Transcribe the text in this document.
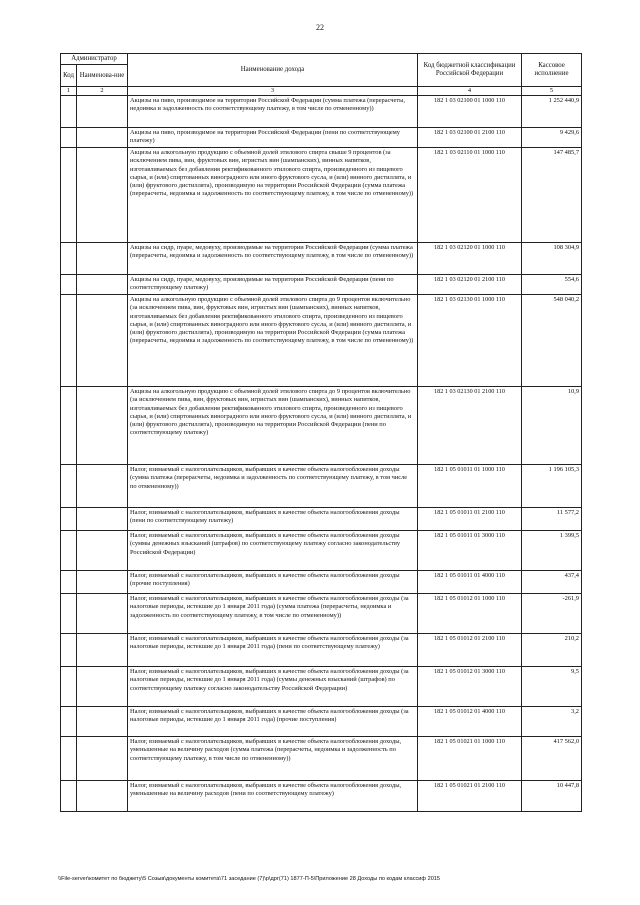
22
Администратор		Наименование дохода	Код бюджетной классификации Российской Федерации	Кассовое исполнение
Код	Наименова-ние			
1	2	3	4	5
		Акцизы на пиво, производимое на территории Российской Федерации (сумма платежа (перерасчеты, недоимка и задолженность по соответствующему платежу, в том числе по отмененному))	182 1 03 02100 01 1000 110	1 252 440,9
		Акцизы на пиво, производимое на территории Российской Федерации (пени по соответствующему платежу)	182 1 03 02100 01 2100 110	9 429,6
		Акцизы на алкогольную продукцию с объемной долей этилового спирта свыше 9 процентов (за исключением пива, вин, фруктовых вин, игристых вин (шампанских), винных напитков, изготавливаемых без добавления ректификованного этилового спирта, произведенного из пищевого сырья, и (или) спиртованных виноградного или иного фруктового сусла, и (или) винного дистиллята, и (или) фруктового дистиллята), производимую на территории Российской Федерации (сумма платежа (перерасчеты, недоимка и задолженность по соответствующему платежу, в том числе по отмененному))	182 1 03 02110 01 1000 110	147 485,7
		Акцизы на сидр, пуаре, медовуху, производимые на территории Российской Федерации (сумма платежа (перерасчеты, недоимка и задолженность по соответствующему платежу, в том числе по отмененному))	182 1 03 02120 01 1000 110	108 304,9
		Акцизы на сидр, пуаре, медовуху, производимые на территории Российской Федерации (пени по соответствующему платежу)	182 1 03 02120 01 2100 110	554,6
		Акцизы на алкогольную продукцию с объемной долей этилового спирта до 9 процентов включительно (за исключением пива, вин, фруктовых вин, игристых вин (шампанских), винных напитков, изготавливаемых без добавления ректификованного этилового спирта, произведенного из пищевого сырья, и (или) спиртованных виноградного или иного фруктового сусла, и (или) винного дистиллята, и (или) фруктового дистиллята), производимую на территории Российской Федерации (сумма платежа (перерасчеты, недоимка и задолженность по соответствующему платежу, в том числе по отмененному))	182 1 03 02130 01 1000 110	548 040,2
		Акцизы на алкогольную продукцию с объемной долей этилового спирта до 9 процентов включительно (за исключением пива, вин, фруктовых вин, игристых вин (шампанских), винных напитков, изготавливаемых без добавления ректификованного этилового спирта, произведенного из пищевого сырья, и (или) спиртованных виноградного или иного фруктового сусла, и (или) винного дистиллята, и (или) фруктового дистиллята), производимую на территории Российской Федерации (пени по соответствующему платежу)	182 1 03 02130 01 2100 110	10,9
		Налог, взимаемый с налогоплательщиков, выбравших в качестве объекта налогообложения доходы (сумма платежа (перерасчеты, недоимка и задолженность по соответствующему платежу, в том числе по отмененному))	182 1 05 01011 01 1000 110	1 196 105,3
		Налог, взимаемый с налогоплательщиков, выбравших в качестве объекта налогообложения доходы (пени по соответствующему платежу)	182 1 05 01011 01 2100 110	11 577,2
		Налог, взимаемый с налогоплательщиков, выбравших в качестве объекта налогообложения доходы (суммы денежных взысканий (штрафов) по соответствующему платежу согласно законодательству Российской Федерации)	182 1 05 01011 01 3000 110	1 399,5
		Налог, взимаемый с налогоплательщиков, выбравших в качестве объекта налогообложения доходы (прочие поступления)	182 1 05 01011 01 4000 110	437,4
		Налог, взимаемый с налогоплательщиков, выбравших в качестве объекта налогообложения доходы (за налоговые периоды, истекшие до 1 января 2011 года) (сумма платежа (перерасчеты, недоимка и задолженность по соответствующему платежу, в том числе по отмененному))	182 1 05 01012 01 1000 110	-261,9
		Налог, взимаемый с налогоплательщиков, выбравших в качестве объекта налогообложения доходы (за налоговые периоды, истекшие до 1 января 2011 года) (пени по соответствующему платежу)	182 1 05 01012 01 2100 110	210,2
		Налог, взимаемый с налогоплательщиков, выбравших в качестве объекта налогообложения доходы (за налоговые периоды, истекшие до 1 января 2011 года) (суммы денежных взысканий (штрафов) по соответствующему платежу согласно законодательству Российской Федерации)	182 1 05 01012 01 3000 110	9,5
		Налог, взимаемый с налогоплательщиков, выбравших в качестве объекта налогообложения доходы (за налоговые периоды, истекшие до 1 января 2011 года) (прочие поступления)	182 1 05 01012 01 4000 110	3,2
		Налог, взимаемый с налогоплательщиков, выбравших в качестве объекта налогообложения доходы, уменьшенные на величину расходов (сумма платежа (перерасчеты, недоимка и задолженность по соответствующему платежу, в том числе по отмененному))	182 1 05 01021 01 1000 110	417 562,0
		Налог, взимаемый с налогоплательщиков, выбравших в качестве объекта налогообложения доходы, уменьшенные на величину расходов (пени по соответствующему платежу)	182 1 05 01021 01 2100 110	10 447,8
\\File-server\комитет по бюджету\5 Созыв\документы комитета\71 заседание (7)\р\дрг(71) 1877-П-5\Приложение 28 Доходы по кодам классиф 2015
